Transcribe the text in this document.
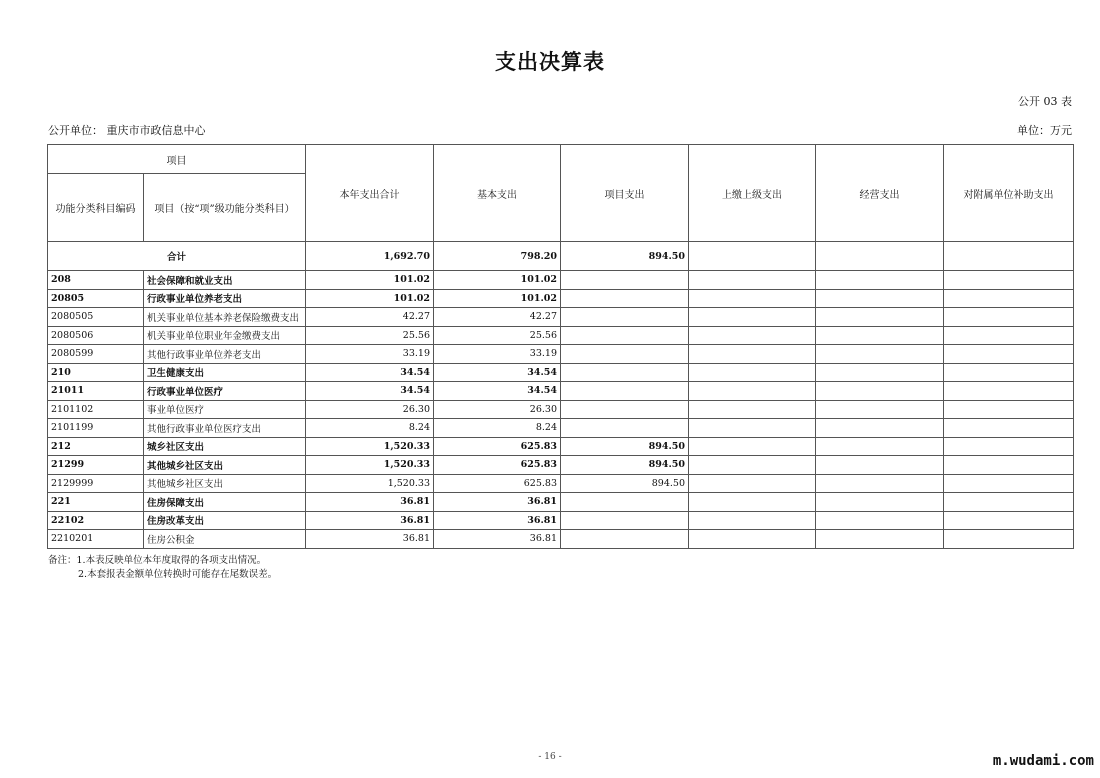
支出决算表
公开 03 表
公开单位： 重庆市市政信息中心	单位：万元
项目		本年支出合计	基本支出	项目支出	上缴上级支出	经营支出	对附属单位补助支出
功能分类科目编码	项目（按“项”级功能分类科目）						
合计		1,692.70	798.20	894.50			
208	社会保障和就业支出	101.02	101.02				
20805	行政事业单位养老支出	101.02	101.02				
2080505	机关事业单位基本养老保险缴费支出	42.27	42.27				
2080506	机关事业单位职业年金缴费支出	25.56	25.56				
2080599	其他行政事业单位养老支出	33.19	33.19				
210	卫生健康支出	34.54	34.54				
21011	行政事业单位医疗	34.54	34.54				
2101102	事业单位医疗	26.30	26.30				
2101199	其他行政事业单位医疗支出	8.24	8.24				
212	城乡社区支出	1,520.33	625.83	894.50			
21299	其他城乡社区支出	1,520.33	625.83	894.50			
2129999	其他城乡社区支出	1,520.33	625.83	894.50			
221	住房保障支出	36.81	36.81				
22102	住房改革支出	36.81	36.81				
2210201	住房公积金	36.81	36.81				
备注：1.本表反映单位本年度取得的各项支出情况。
2.本套报表金额单位转换时可能存在尾数误差。
- 16 -	m.wudami.com
